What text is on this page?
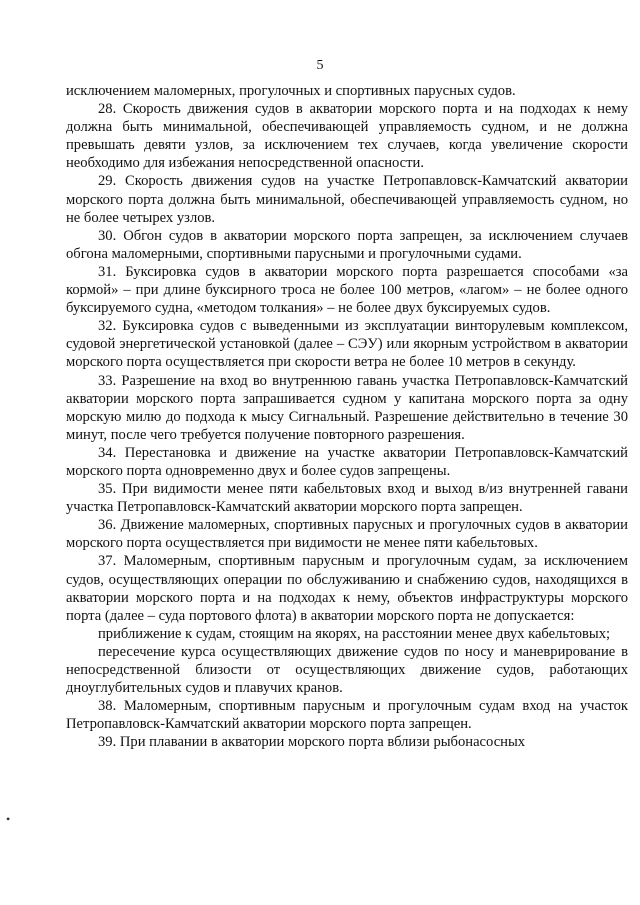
5

исключением маломерных, прогулочных и спортивных парусных судов.

28. Скорость движения судов в акватории морского порта и на подходах к нему должна быть минимальной, обеспечивающей управляемость судном, и не должна превышать девяти узлов, за исключением тех случаев, когда увеличение скорости необходимо для избежания непосредственной опасности.

29. Скорость движения судов на участке Петропавловск-Камчатский акватории морского порта должна быть минимальной, обеспечивающей управляемость судном, но не более четырех узлов.

30. Обгон судов в акватории морского порта запрещен, за исключением случаев обгона маломерными, спортивными парусными и прогулочными судами.

31. Буксировка судов в акватории морского порта разрешается способами «за кормой» – при длине буксирного троса не более 100 метров, «лагом» – не более одного буксируемого судна, «методом толкания» – не более двух буксируемых судов.

32. Буксировка судов с выведенными из эксплуатации винторулевым комплексом, судовой энергетической установкой (далее – СЭУ) или якорным устройством в акватории морского порта осуществляется при скорости ветра не более 10 метров в секунду.

33. Разрешение на вход во внутреннюю гавань участка Петропавловск-Камчатский акватории морского порта запрашивается судном у капитана морского порта за одну морскую милю до подхода к мысу Сигнальный. Разрешение действительно в течение 30 минут, после чего требуется получение повторного разрешения.

34. Перестановка и движение на участке акватории Петропавловск-Камчатский морского порта одновременно двух и более судов запрещены.

35. При видимости менее пяти кабельтовых вход и выход в/из внутренней гавани участка Петропавловск-Камчатский акватории морского порта запрещен.

36. Движение маломерных, спортивных парусных и прогулочных судов в акватории морского порта осуществляется при видимости не менее пяти кабельтовых.

37. Маломерным, спортивным парусным и прогулочным судам, за исключением судов, осуществляющих операции по обслуживанию и снабжению судов, находящихся в акватории морского порта и на подходах к нему, объектов инфраструктуры морского порта (далее – суда портового флота) в акватории морского порта не допускается:

приближение к судам, стоящим на якорях, на расстоянии менее двух кабельтовых;

пересечение курса осуществляющих движение судов по носу и маневрирование в непосредственной близости от осуществляющих движение судов, работающих дноуглубительных судов и плавучих кранов.

38. Маломерным, спортивным парусным и прогулочным судам вход на участок Петропавловск-Камчатский акватории морского порта запрещен.

39. При плавании в акватории морского порта вблизи рыбонасосных

•
